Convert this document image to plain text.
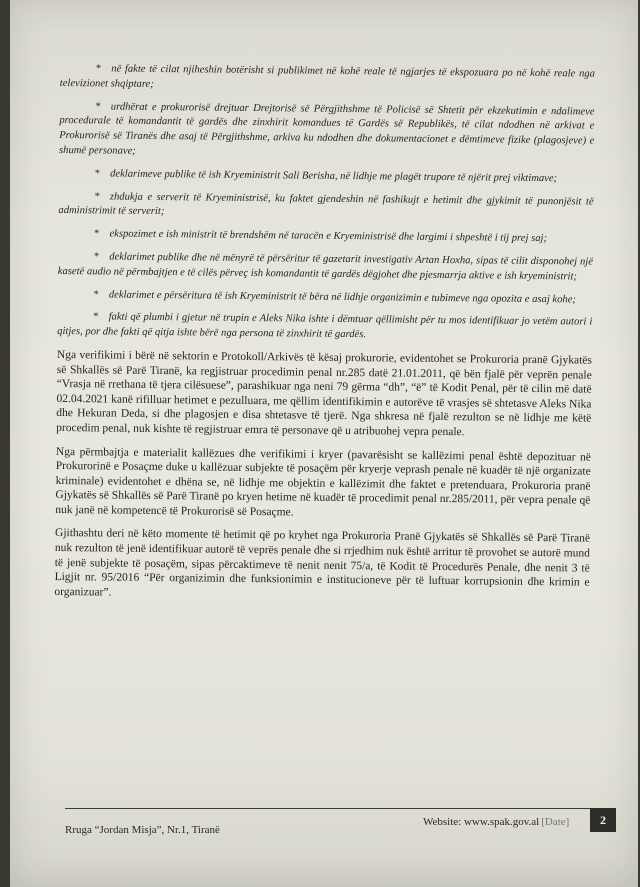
* në fakte të cilat njiheshin botërisht si publikimet në kohë reale të ngjarjes të ekspozuara po në kohë reale nga televizionet shqiptare;

* urdhërat e prokurorisë drejtuar Drejtorisë së Përgjithshme të Policisë së Shtetit për ekzekutimin e ndalimeve procedurale të komandantit të gardës dhe zinxhirit komandues të Gardës së Republikës, të cilat ndodhen në arkivat e Prokurorisë së Tiranës dhe asaj të Përgjithshme, arkiva ku ndodhen dhe dokumentacionet e dëmtimeve fizike (plagosjeve) e shumë personave;

* deklarimeve publike të ish Kryeministrit Sali Berisha, në lidhje me plagët trupore të njërit prej viktimave;

* zhdukja e serverit të Kryeministrisë, ku faktet gjendeshin në fashikujt e hetimit dhe gjykimit të punonjësit të administrimit të serverit;

* ekspozimet e ish ministrit të brendshëm në taracën e Kryeministrisë dhe largimi i shpeshtë i tij prej saj;

* deklarimet publike dhe në mënyrë të përsëritur të gazetarit investigativ Artan Hoxha, sipas të cilit disponohej një kasetë audio në përmbajtjen e të cilës përveç ish komandantit të gardës dëgjohet dhe pjesmarrja aktive e ish kryeministrit;

* deklarimet e përsëritura të ish Kryeministrit të bëra në lidhje organizimin e tubimeve nga opozita e asaj kohe;

* fakti që plumbi i gjetur në trupin e Aleks Nika ishte i dëmtuar qëllimisht për tu mos identifikuar jo vetëm autori i qitjes, por dhe fakti që qitja ishte bërë nga persona të zinxhirit të gardës.

Nga verifikimi i bërë në sektorin e Protokoll/Arkivës të kësaj prokurorie, evidentohet se Prokuroria pranë Gjykatës së Shkallës së Parë Tiranë, ka regjistruar procedimin penal nr.285 datë 21.01.2011, që bën fjalë për veprën penale “Vrasja në rrethana të tjera cilësuese”, parashikuar nga neni 79 gërma “dh”, “ë” të Kodit Penal, për të cilin më datë 02.04.2021 kanë rifilluar hetimet e pezulluara, me qëllim identifikimin e autorëve të vrasjes së shtetasve Aleks Nika dhe Hekuran Deda, si dhe plagosjen e disa shtetasve të tjerë. Nga shkresa në fjalë rezulton se në lidhje me këtë procedim penal, nuk kishte të regjistruar emra të personave që u atribuohej vepra penale.

Nga përmbajtja e materialit kallëzues dhe verifikimi i kryer (pavarësisht se kallëzimi penal është depozituar në Prokurorinë e Posaçme duke u kallëzuar subjekte të posaçëm për kryerje veprash penale në kuadër të një organizate kriminale) evidentohet e dhëna se, në lidhje me objektin e kallëzimit dhe faktet e pretenduara, Prokuroria pranë Gjykatës së Shkallës së Parë Tiranë po kryen hetime në kuadër të procedimit penal nr.285/2011, për vepra penale që nuk janë në kompetencë të Prokurorisë së Posaçme.

Gjithashtu deri në këto momente të hetimit që po kryhet nga Prokuroria Pranë Gjykatës së Shkallës së Parë Tiranë nuk rezulton të jenë identifikuar autorë të veprës penale dhe si rrjedhim nuk është arritur të provohet se autorë mund të jenë subjekte të posaçëm, sipas përcaktimeve të nenit nenit 75/a, të Kodit të Procedurës Penale, dhe nenit 3 të Ligjit nr. 95/2016 “Për organizimin dhe funksionimin e institucioneve për të luftuar korrupsionin dhe krimin e organizuar”.

Rruga “Jordan Misja”, Nr.1, Tiranë
Website: www.spak.gov.al [Date]	2
